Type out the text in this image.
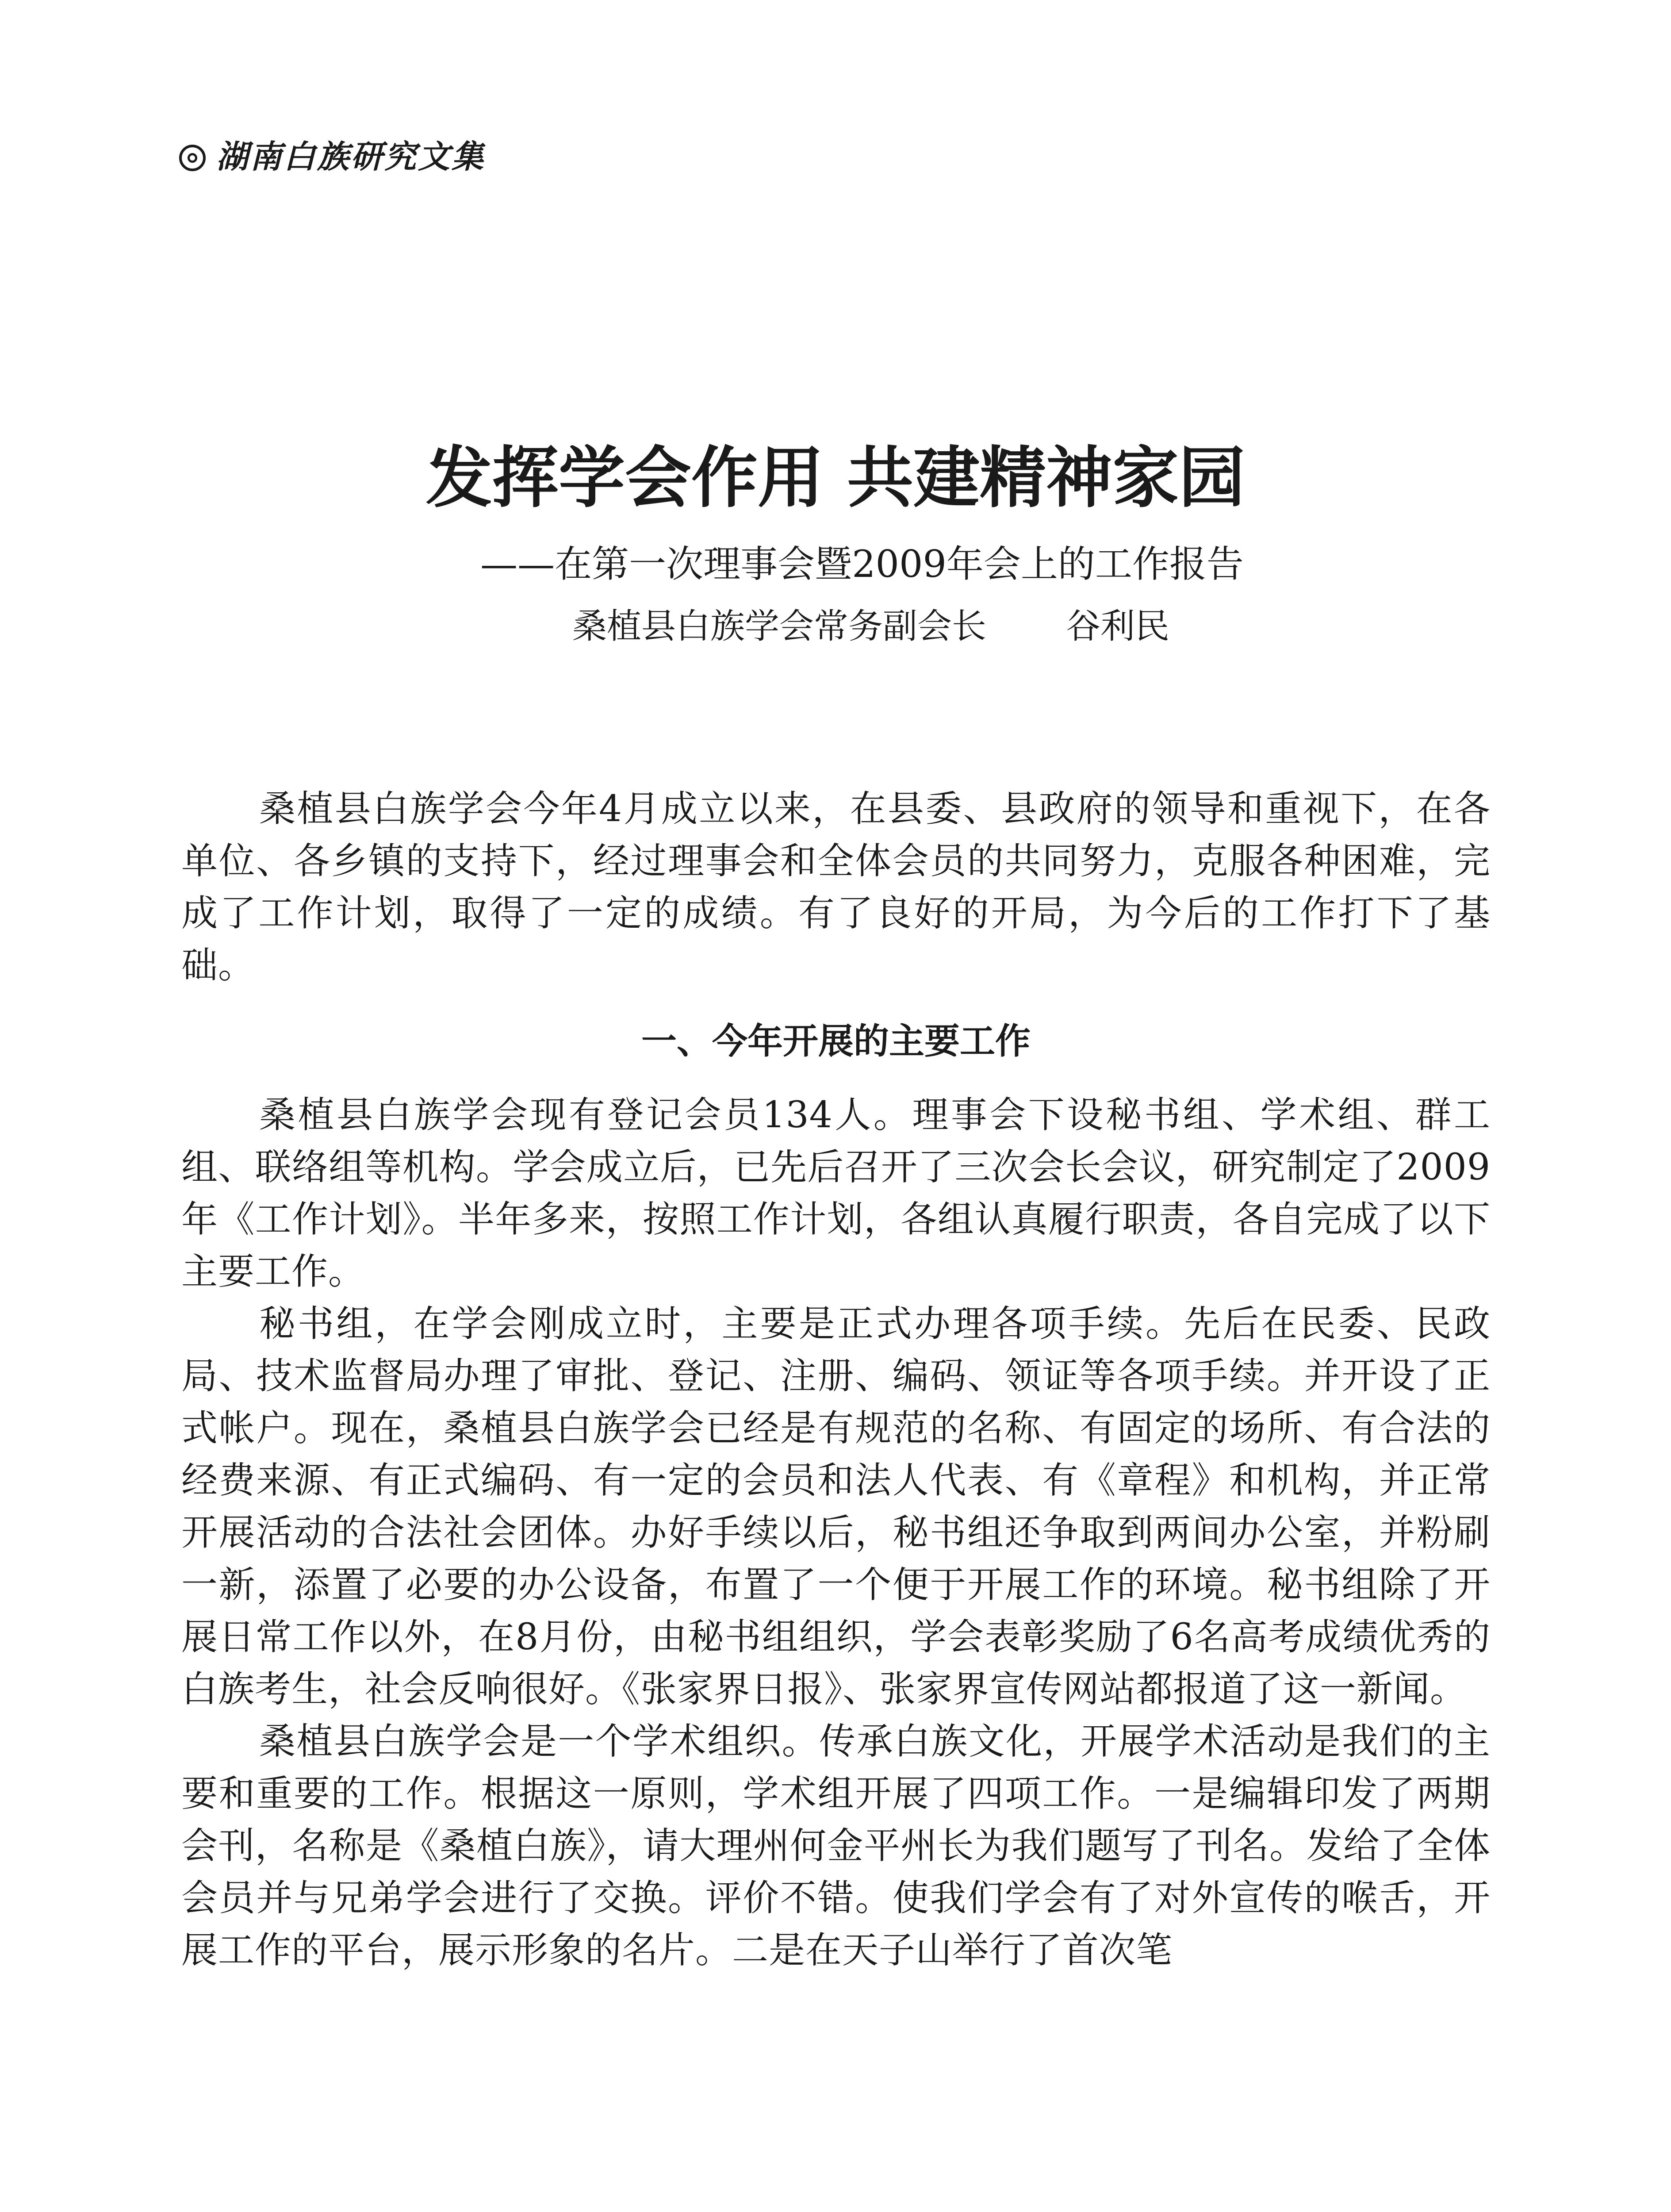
湖南白族研究文集
发挥学会作用 共建精神家园
——在第一次理事会暨2009年会上的工作报告
桑植县白族学会常务副会长 谷利民

桑植县白族学会今年4月成立以来，在县委、县政府的领导和重视下，在各单位、各乡镇的支持下，经过理事会和全体会员的共同努力，克服各种困难，完成了工作计划，取得了一定的成绩。有了良好的开局，为今后的工作打下了基础。

一、今年开展的主要工作

桑植县白族学会现有登记会员134人。理事会下设秘书组、学术组、群工组、联络组等机构。学会成立后，已先后召开了三次会长会议，研究制定了2009年《工作计划》。半年多来，按照工作计划，各组认真履行职责，各自完成了以下主要工作。

秘书组，在学会刚成立时，主要是正式办理各项手续。先后在民委、民政局、技术监督局办理了审批、登记、注册、编码、领证等各项手续。并开设了正式帐户。现在，桑植县白族学会已经是有规范的名称、有固定的场所、有合法的经费来源、有正式编码、有一定的会员和法人代表、有《章程》和机构，并正常开展活动的合法社会团体。办好手续以后，秘书组还争取到两间办公室，并粉刷一新，添置了必要的办公设备，布置了一个便于开展工作的环境。秘书组除了开展日常工作以外，在8月份，由秘书组组织，学会表彰奖励了6名高考成绩优秀的白族考生，社会反响很好。《张家界日报》、张家界宣传网站都报道了这一新闻。

桑植县白族学会是一个学术组织。传承白族文化，开展学术活动是我们的主要和重要的工作。根据这一原则，学术组开展了四项工作。一是编辑印发了两期会刊，名称是《桑植白族》，请大理州何金平州长为我们题写了刊名。发给了全体会员并与兄弟学会进行了交换。评价不错。使我们学会有了对外宣传的喉舌，开展工作的平台，展示形象的名片。二是在天子山举行了首次笔
